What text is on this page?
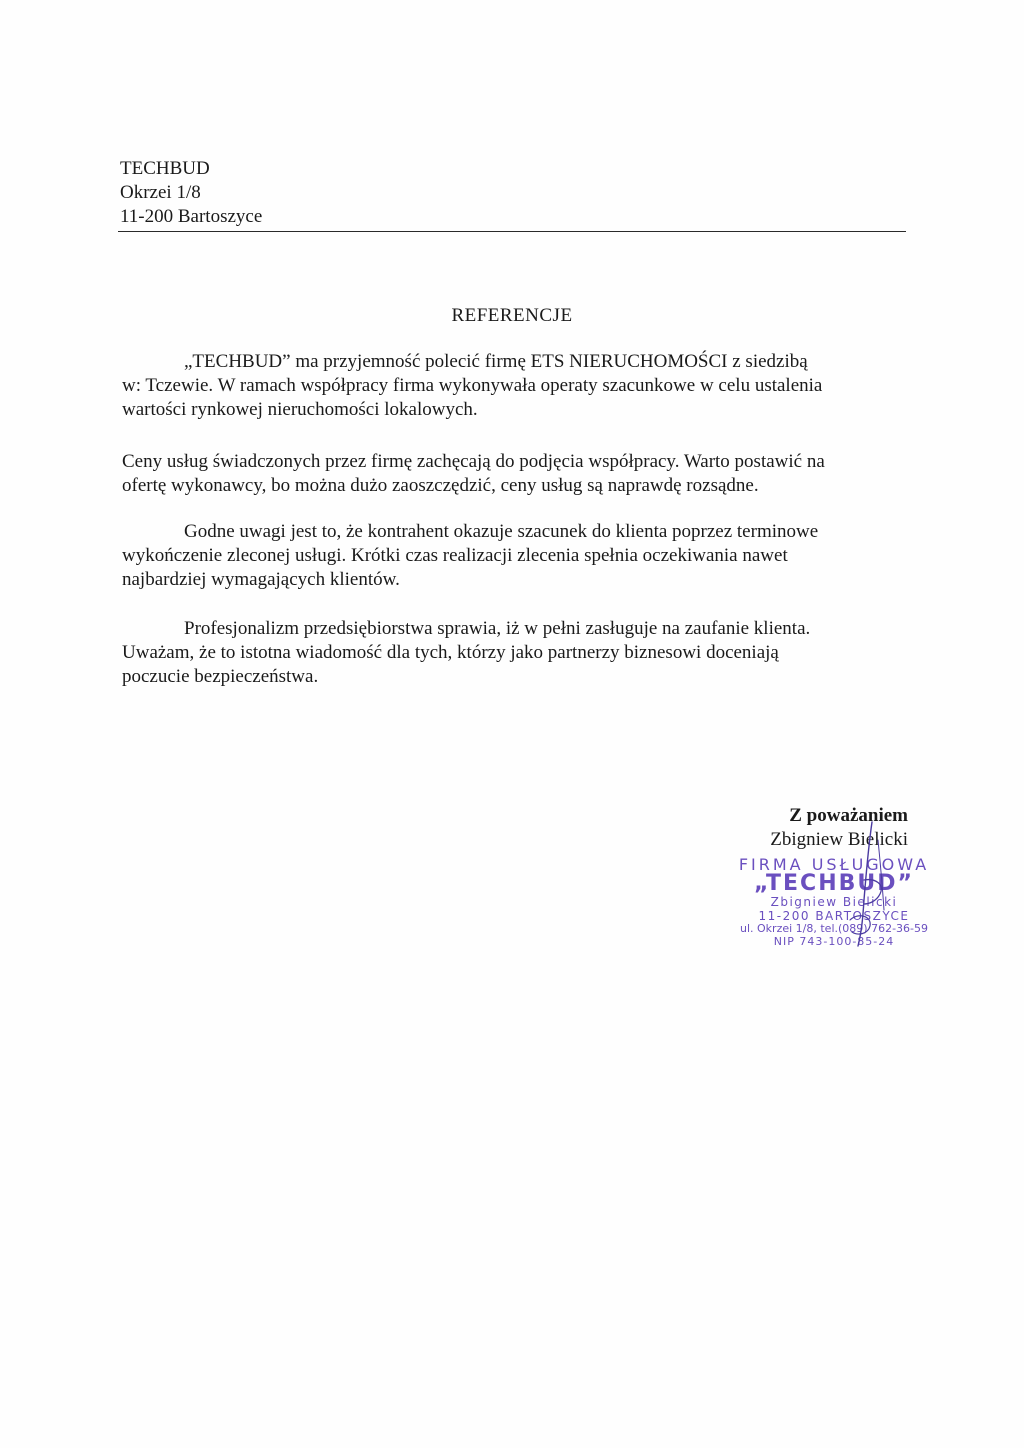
TECHBUD
Okrzei 1/8
11-200 Bartoszyce
REFERENCJE
„TECHBUD” ma przyjemność polecić firmę ETS NIERUCHOMOŚCI z siedzibą
w: Tczewie. W ramach współpracy firma wykonywała operaty szacunkowe w celu ustalenia
wartości rynkowej nieruchomości lokalowych.
Ceny usług świadczonych przez firmę zachęcają do podjęcia współpracy. Warto postawić na
ofertę wykonawcy, bo można dużo zaoszczędzić, ceny usług są naprawdę rozsądne.
Godne uwagi jest to, że kontrahent okazuje szacunek do klienta poprzez terminowe
wykończenie zleconej usługi. Krótki czas realizacji zlecenia spełnia oczekiwania nawet
najbardziej wymagających klientów.
Profesjonalizm przedsiębiorstwa sprawia, iż w pełni zasługuje na zaufanie klienta.
Uważam, że to istotna wiadomość dla tych, którzy jako partnerzy biznesowi doceniają
poczucie bezpieczeństwa.
Z poważaniem
Zbigniew Bielicki
FIRMA USŁUGOWA
„TECHBUD”
Zbigniew Bielicki
11-200 BARTOSZYCE
ul. Okrzei 1/8, tel.(089) 762-36-59
NIP 743-100-85-24
